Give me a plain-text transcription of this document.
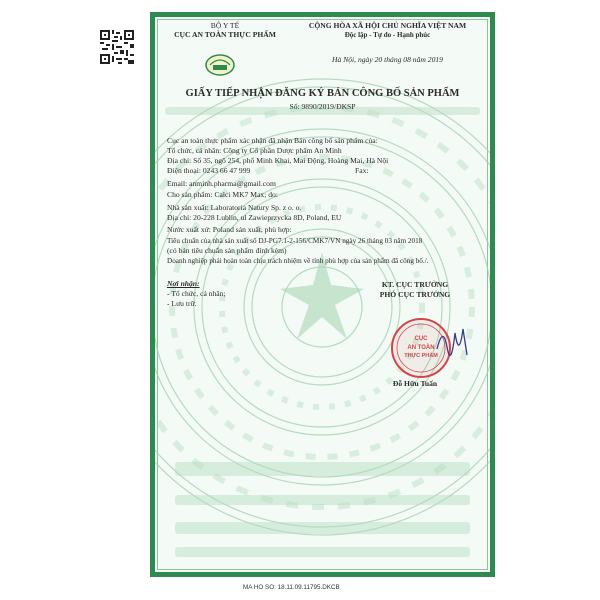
BỘ Y TẾ
CỤC AN TOÀN THỰC PHẨM
CỘNG HÒA XÃ HỘI CHỦ NGHĨA VIỆT NAM
Độc lập - Tự do - Hạnh phúc
Hà Nội, ngày 20 tháng 08 năm 2019
GIẤY TIẾP NHẬN ĐĂNG KÝ BẢN CÔNG BỐ SẢN PHẨM
Số: 9890/2019/ĐKSP
Cục an toàn thực phẩm xác nhận đã nhận Bản công bố sản phẩm của:
Tổ chức, cá nhân: Công ty Cổ phần Dược phẩm An Minh
Địa chỉ: Số 35, ngõ 254, phố Minh Khai, Mai Động, Hoàng Mai, Hà Nội
Điện thoại: 0243 66 47 999	Fax:
Email: anminh.pharma@gmail.com
Cho sản phẩm: Calci MK7 Max; do:
Nhà sản xuất: Laboratoria Natury Sp. z o. o.
Địa chỉ: 20-228 Lublin, ul Zawieprzycka 8D, Poland, EU
Nước xuất xứ: Poland sản xuất, phù hợp:
Tiêu chuẩn của nhà sản xuất số DJ-PG7.1-2-156/CMK7/VN ngày 26 tháng 03 năm 2018
(có bản tiêu chuẩn sản phẩm đính kèm)
Doanh nghiệp phải hoàn toàn chịu trách nhiệm về tính phù hợp của sản phẩm đã công bố./.
Nơi nhận:
- Tổ chức, cá nhân;
- Lưu trữ.
KT. CỤC TRƯỞNG
PHÓ CỤC TRƯỞNG
CỤC
AN TOÀN
THỰC PHẨM
Đỗ Hữu Tuấn
MA HO SO: 18.11.09.11795.DKCB
